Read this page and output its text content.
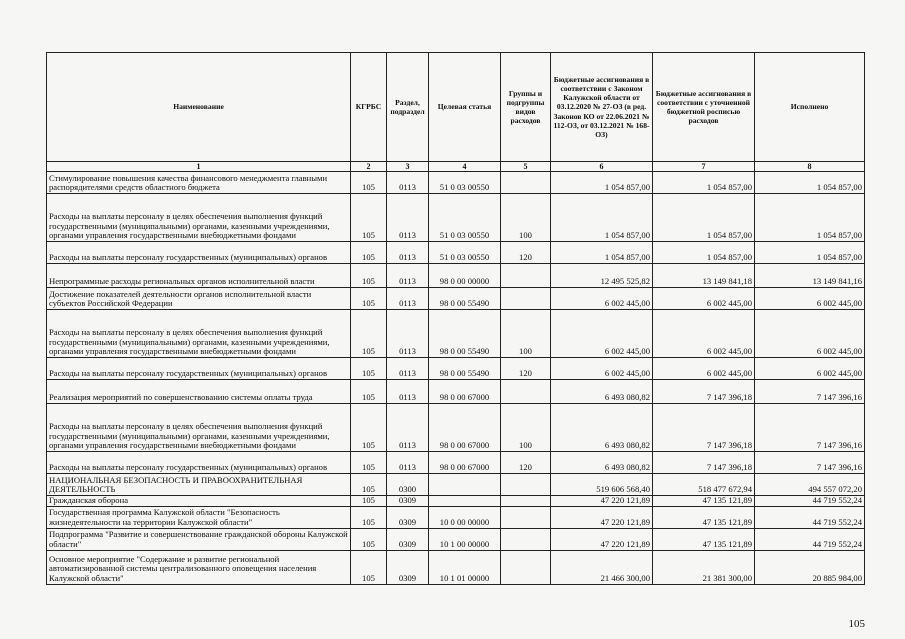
Наименование	КГРБС	Раздел, подраздел	Целевая статья	Группы и подгруппы видов расходов	Бюджетные ассигнования в соответствии с Законом Калужской области от 03.12.2020 № 27-ОЗ (в ред. Законов КО от 22.06.2021 № 112-ОЗ, от 03.12.2021 № 168-ОЗ)	Бюджетные ассигнования в соответствии с уточненной бюджетной росписью расходов	Исполнено
1	2	3	4	5	6	7	8
Стимулирование повышения качества финансового менеджмента главными распорядителями средств областного бюджета	105	0113	51 0 03 00550		1 054 857,00	1 054 857,00	1 054 857,00
Расходы на выплаты персоналу в целях обеспечения выполнения функций государственными (муниципальными) органами, казенными учреждениями, органами управления государственными внебюджетными фондами	105	0113	51 0 03 00550	100	1 054 857,00	1 054 857,00	1 054 857,00
Расходы на выплаты персоналу государственных (муниципальных) органов	105	0113	51 0 03 00550	120	1 054 857,00	1 054 857,00	1 054 857,00
Непрограммные расходы региональных органов исполнительной власти	105	0113	98 0 00 00000		12 495 525,82	13 149 841,18	13 149 841,16
Достижение показателей деятельности органов исполнительной власти субъектов Российской Федерации	105	0113	98 0 00 55490		6 002 445,00	6 002 445,00	6 002 445,00
Расходы на выплаты персоналу в целях обеспечения выполнения функций государственными (муниципальными) органами, казенными учреждениями, органами управления государственными внебюджетными фондами	105	0113	98 0 00 55490	100	6 002 445,00	6 002 445,00	6 002 445,00
Расходы на выплаты персоналу государственных (муниципальных) органов	105	0113	98 0 00 55490	120	6 002 445,00	6 002 445,00	6 002 445,00
Реализация мероприятий по совершенствованию системы оплаты труда	105	0113	98 0 00 67000		6 493 080,82	7 147 396,18	7 147 396,16
Расходы на выплаты персоналу в целях обеспечения выполнения функций государственными (муниципальными) органами, казенными учреждениями, органами управления государственными внебюджетными фондами	105	0113	98 0 00 67000	100	6 493 080,82	7 147 396,18	7 147 396,16
Расходы на выплаты персоналу государственных (муниципальных) органов	105	0113	98 0 00 67000	120	6 493 080,82	7 147 396,18	7 147 396,16
НАЦИОНАЛЬНАЯ БЕЗОПАСНОСТЬ И ПРАВООХРАНИТЕЛЬНАЯ ДЕЯТЕЛЬНОСТЬ	105	0300			519 606 568,40	518 477 672,94	494 557 072,20
Гражданская оборона	105	0309			47 220 121,89	47 135 121,89	44 719 552,24
Государственная программа Калужской области "Безопасность жизнедеятельности на территории Калужской области"	105	0309	10 0 00 00000		47 220 121,89	47 135 121,89	44 719 552,24
Подпрограмма "Развитие и совершенствование гражданской обороны Калужской области"	105	0309	10 1 00 00000		47 220 121,89	47 135 121,89	44 719 552,24
Основное мероприятие "Содержание и развитие региональной автоматизированной системы централизованного оповещения населения Калужской области"	105	0309	10 1 01 00000		21 466 300,00	21 381 300,00	20 885 984,00
105
